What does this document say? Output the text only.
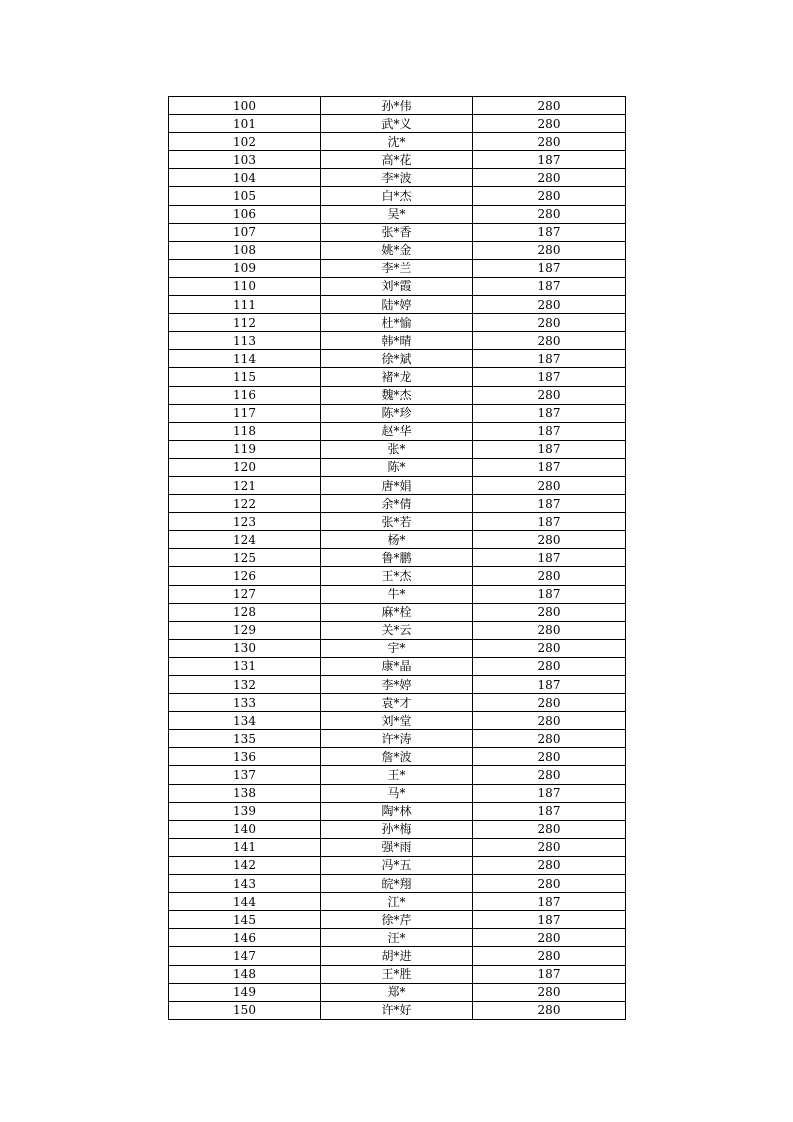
100	孙*伟	280
101	武*义	280
102	沈*	280
103	高*花	187
104	李*波	280
105	白*杰	280
106	吴*	280
107	张*香	187
108	姚*金	280
109	李*兰	187
110	刘*霞	187
111	陆*婷	280
112	杜*愉	280
113	韩*晴	280
114	徐*斌	187
115	褚*龙	187
116	魏*杰	280
117	陈*珍	187
118	赵*华	187
119	张*	187
120	陈*	187
121	唐*娟	280
122	余*倩	187
123	张*若	187
124	杨*	280
125	鲁*鹏	187
126	王*杰	280
127	牛*	187
128	麻*栓	280
129	关*云	280
130	宇*	280
131	康*晶	280
132	李*婷	187
133	袁*才	280
134	刘*堂	280
135	许*涛	280
136	詹*波	280
137	王*	280
138	马*	187
139	陶*林	187
140	孙*梅	280
141	强*雨	280
142	冯*五	280
143	皖*翔	280
144	江*	187
145	徐*芹	187
146	汪*	280
147	胡*进	280
148	王*胜	187
149	郑*	280
150	许*好	280
